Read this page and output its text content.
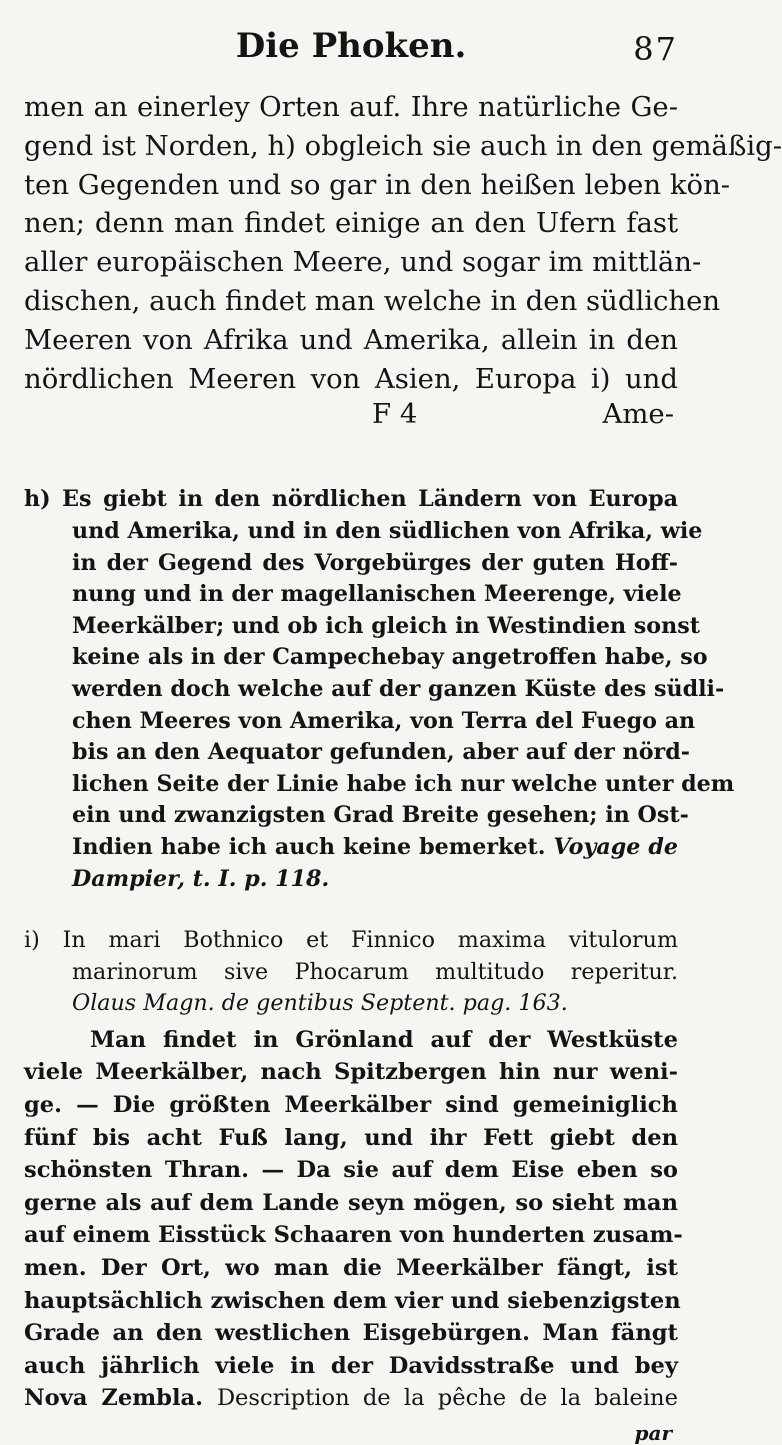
Die Phoken.	87
men an einerley Orten auf. Ihre natürliche Ge-
gend ist Norden, h) obgleich sie auch in den gemäßig-
ten Gegenden und so gar in den heißen leben kön-
nen; denn man findet einige an den Ufern fast
aller europäischen Meere, und sogar im mittlän-
dischen, auch findet man welche in den südlichen
Meeren von Afrika und Amerika, allein in den
nördlichen Meeren von Asien, Europa i) und
F 4	Ame-
h) Es giebt in den nördlichen Ländern von Europa
und Amerika, und in den südlichen von Afrika, wie
in der Gegend des Vorgebürges der guten Hoff-
nung und in der magellanischen Meerenge, viele
Meerkälber; und ob ich gleich in Westindien sonst
keine als in der Campechebay angetroffen habe, so
werden doch welche auf der ganzen Küste des südli-
chen Meeres von Amerika, von Terra del Fuego an
bis an den Aequator gefunden, aber auf der nörd-
lichen Seite der Linie habe ich nur welche unter dem
ein und zwanzigsten Grad Breite gesehen; in Ost-
Indien habe ich auch keine bemerket. Voyage de
Dampier, t. I. p. 118.
i) In mari Bothnico et Finnico maxima vitulorum
marinorum sive Phocarum multitudo reperitur.
Olaus Magn. de gentibus Septent. pag. 163.
Man findet in Grönland auf der Westküste
viele Meerkälber, nach Spitzbergen hin nur weni-
ge. — Die größten Meerkälber sind gemeiniglich
fünf bis acht Fuß lang, und ihr Fett giebt den
schönsten Thran. — Da sie auf dem Eise eben so
gerne als auf dem Lande seyn mögen, so sieht man
auf einem Eisstück Schaaren von hunderten zusam-
men. Der Ort, wo man die Meerkälber fängt, ist
hauptsächlich zwischen dem vier und siebenzigsten
Grade an den westlichen Eisgebürgen. Man fängt
auch jährlich viele in der Davidsstraße und bey
Nova Zembla. Description de la pêche de la baleine
par
